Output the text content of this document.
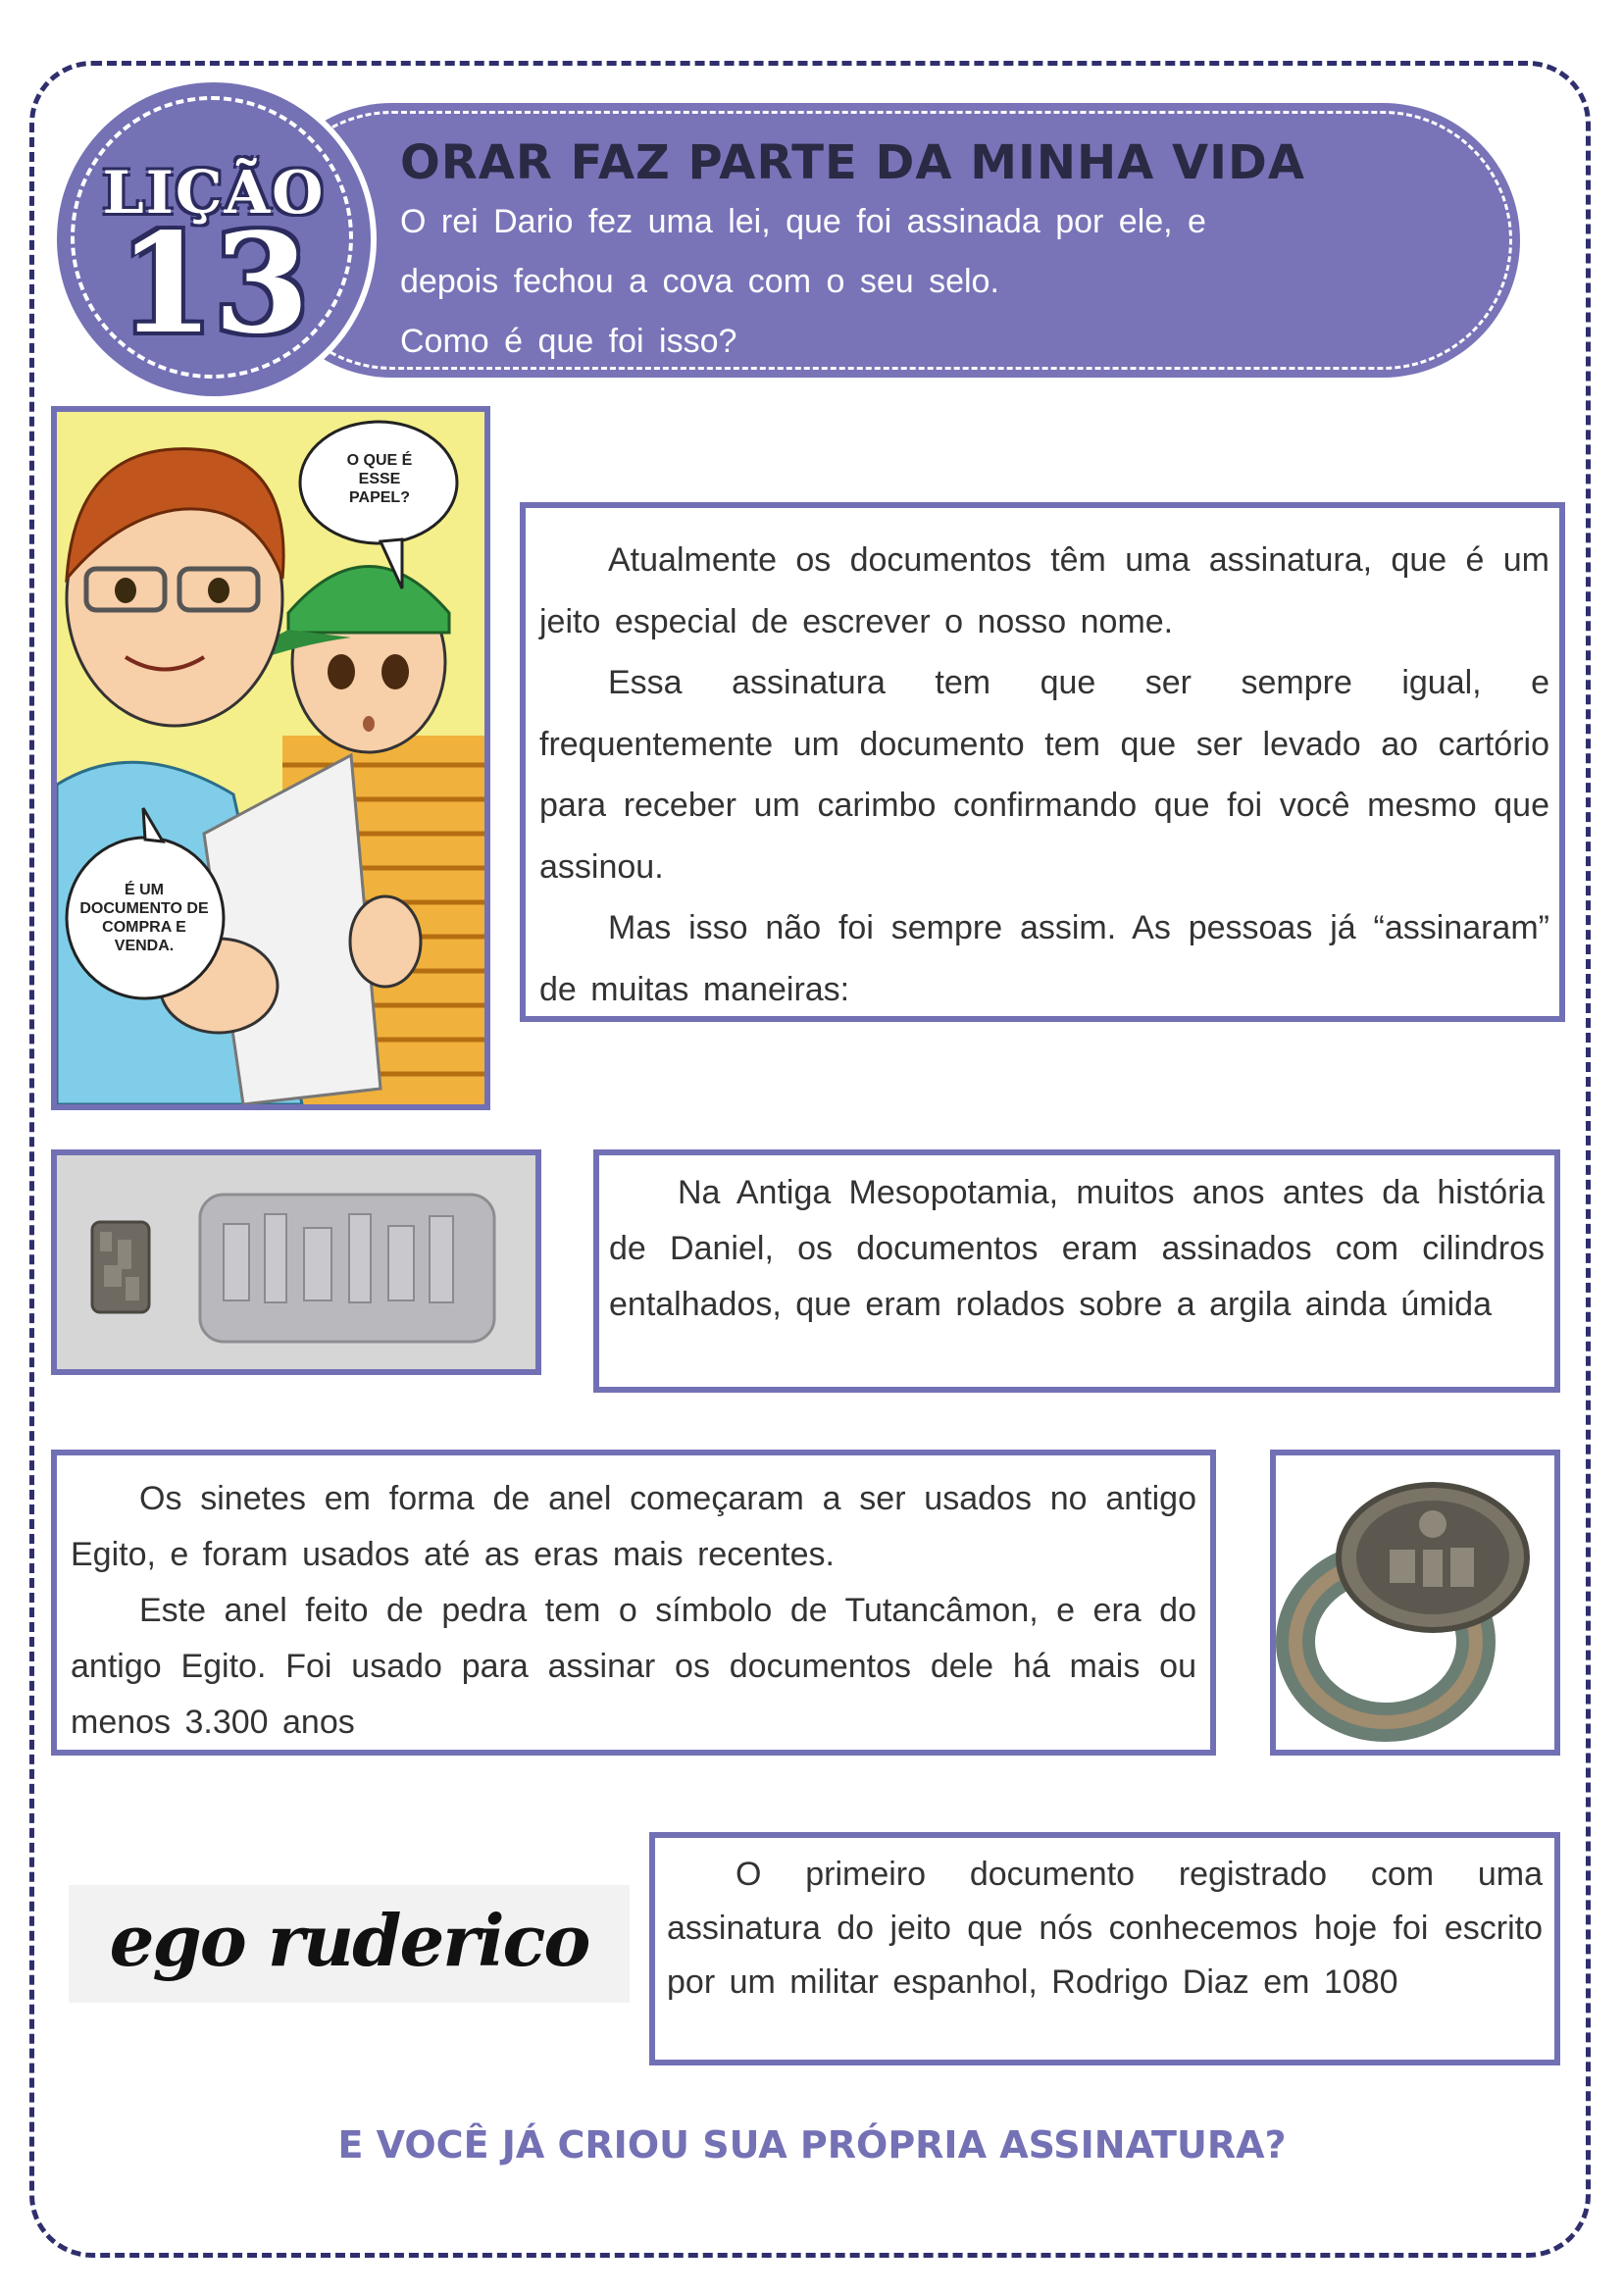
LIÇÃO
13
ORAR FAZ PARTE DA MINHA VIDA
O rei Dario fez uma lei, que foi assinada por ele, e
depois fechou a cova com o seu selo.
Como é que foi isso?
O QUE É ESSE PAPEL?
É UM DOCUMENTO DE COMPRA E VENDA.

Atualmente os documentos têm uma assinatura, que é um jeito especial de escrever o nosso nome.

Essa assinatura tem que ser sempre igual, e frequentemente um documento tem que ser levado ao cartório para receber um carimbo confirmando que foi você mesmo que assinou.

Mas isso não foi sempre assim. As pessoas já “assinaram” de muitas maneiras:

Na Antiga Mesopotamia, muitos anos antes da história de Daniel, os documentos eram assinados com cilindros entalhados, que eram rolados sobre a argila ainda úmida

Os sinetes em forma de anel começaram a ser usados no antigo Egito, e foram usados até as eras mais recentes.

Este anel feito de pedra tem o símbolo de Tutancâmon, e era do antigo Egito. Foi usado para assinar os documentos dele há mais ou menos 3.300 anos

ego ruderico

O primeiro documento registrado com uma assinatura do jeito que nós conhecemos hoje foi escrito por um militar espanhol, Rodrigo Diaz em 1080

E VOCÊ JÁ CRIOU SUA PRÓPRIA ASSINATURA?
